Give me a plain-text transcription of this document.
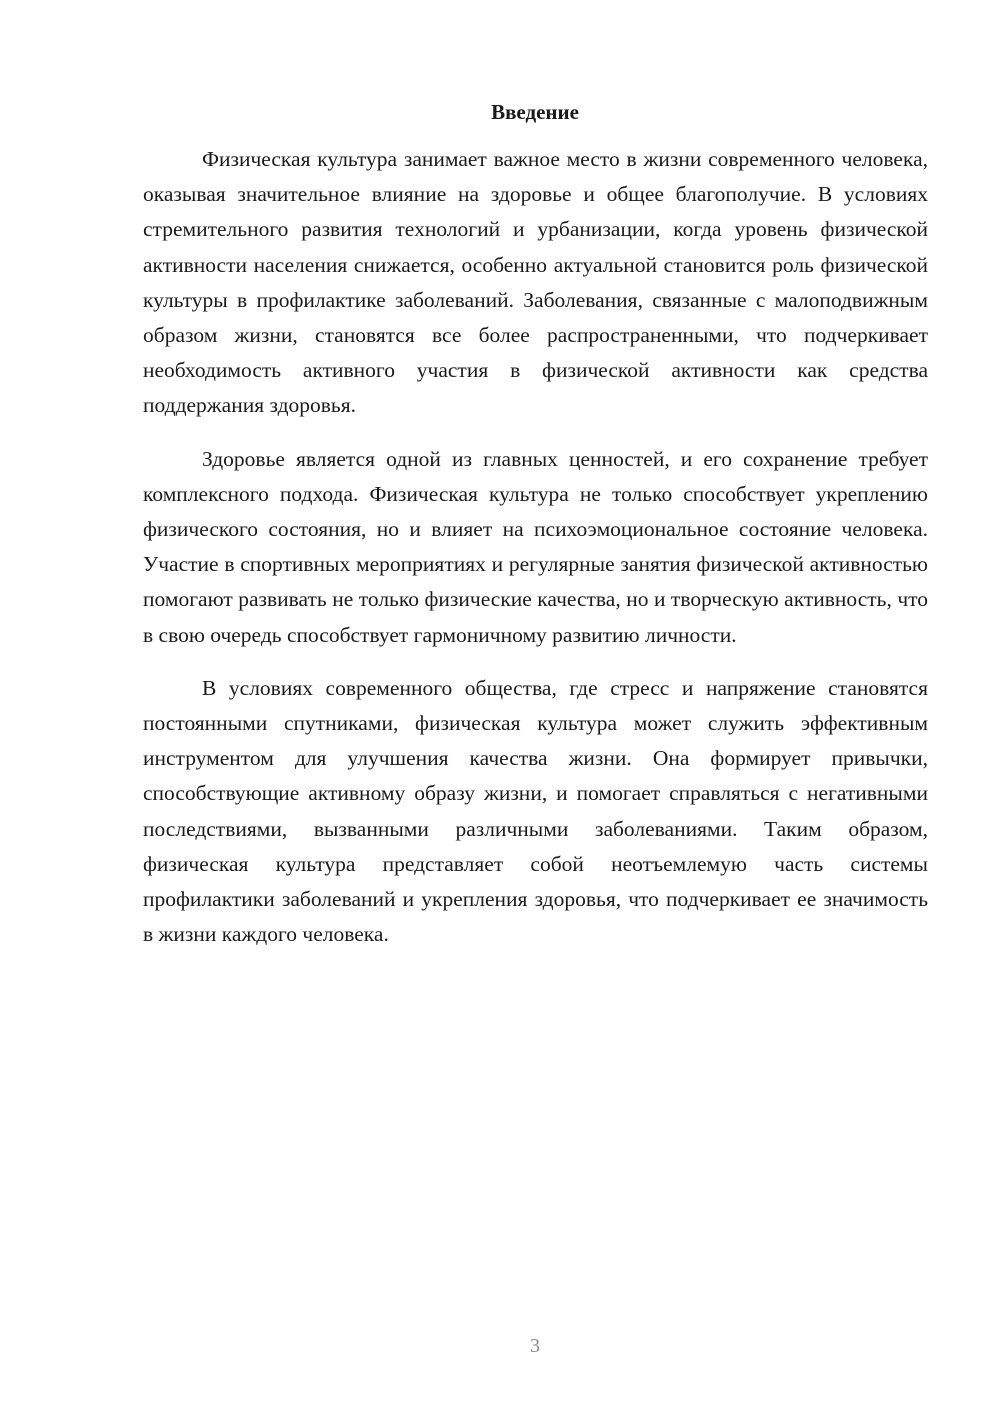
Введение

Физическая культура занимает важное место в жизни современного человека, оказывая значительное влияние на здоровье и общее благополучие. В условиях стремительного развития технологий и урбанизации, когда уровень физической активности населения снижается, особенно актуальной становится роль физической культуры в профилактике заболеваний. Заболевания, связанные с малоподвижным образом жизни, становятся все более распространенными, что подчеркивает необходимость активного участия в физической активности как средства поддержания здоровья.

Здоровье является одной из главных ценностей, и его сохранение требует комплексного подхода. Физическая культура не только способствует укреплению физического состояния, но и влияет на психоэмоциональное состояние человека. Участие в спортивных мероприятиях и регулярные занятия физической активностью помогают развивать не только физические качества, но и творческую активность, что в свою очередь способствует гармоничному развитию личности.

В условиях современного общества, где стресс и напряжение становятся постоянными спутниками, физическая культура может служить эффективным инструментом для улучшения качества жизни. Она формирует привычки, способствующие активному образу жизни, и помогает справляться с негативными последствиями, вызванными различными заболеваниями. Таким образом, физическая культура представляет собой неотъемлемую часть системы профилактики заболеваний и укрепления здоровья, что подчеркивает ее значимость в жизни каждого человека.

3
